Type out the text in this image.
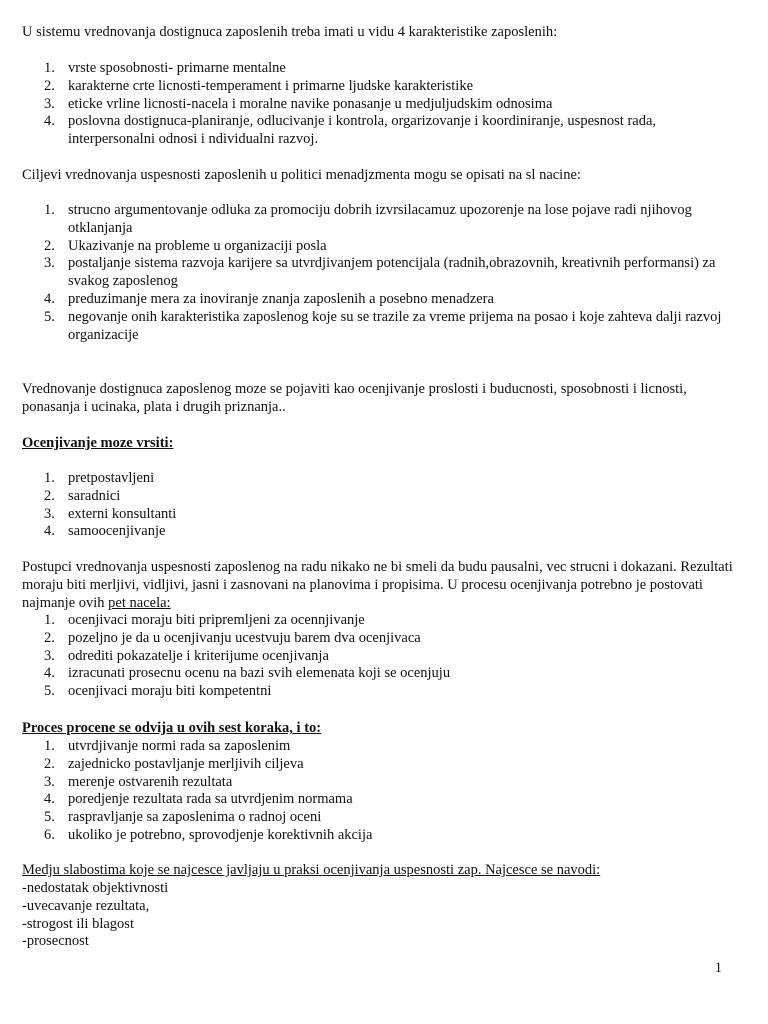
U sistemu vrednovanja dostignuca zaposlenih treba imati u vidu 4 karakteristike zaposlenih:

1. vrste sposobnosti- primarne mentalne
2. karakterne crte licnosti-temperament i primarne ljudske karakteristike
3. eticke vrline licnosti-nacela i moralne navike ponasanje u medjuljudskim odnosima
4. poslovna dostignuca-planiranje, odlucivanje i kontrola, orgarizovanje i koordiniranje, uspesnost rada, interpersonalni odnosi i ndividualni razvoj.

Ciljevi vrednovanja uspesnosti zaposlenih u politici menadjzmenta mogu se opisati na sl nacine:

1. strucno argumentovanje odluka za promociju dobrih izvrsilacamuz upozorenje na lose pojave radi njihovog otklanjanja
2. Ukazivanje na probleme u organizaciji posla
3. postaljanje sistema razvoja karijere sa utvrdjivanjem potencijala (radnih,obrazovnih, kreativnih performansi) za svakog zaposlenog
4. preduzimanje mera za inoviranje znanja zaposlenih a posebno menadzera
5. negovanje onih karakteristika zaposlenog koje su se trazile za vreme prijema na posao i koje zahteva dalji razvoj organizacije

Vrednovanje dostignuca zaposlenog moze se pojaviti kao ocenjivanje proslosti i buducnosti, sposobnosti i licnosti, ponasanja i ucinaka, plata i drugih priznanja..

Ocenjivanje moze vrsiti:

1. pretpostavljeni
2. saradnici
3. externi konsultanti
4. samoocenjivanje

Postupci vrednovanja uspesnosti zaposlenog na radu nikako ne bi smeli da budu pausalni, vec strucni i dokazani. Rezultati moraju biti merljivi, vidljivi, jasni i zasnovani na planovima i propisima. U procesu ocenjivanja potrebno je postovati najmanje ovih pet nacela:

1. ocenjivaci moraju biti pripremljeni za ocennjivanje
2. pozeljno je da u ocenjivanju ucestvuju barem dva ocenjivaca
3. odrediti pokazatelje i kriterijume ocenjivanja
4. izracunati prosecnu ocenu na bazi svih elemenata koji se ocenjuju
5. ocenjivaci moraju biti kompetentni

Proces procene se odvija u ovih sest koraka, i to:

1. utvrdjivanje normi rada sa zaposlenim
2. zajednicko postavljanje merljivih ciljeva
3. merenje ostvarenih rezultata
4. poredjenje rezultata rada sa utvrdjenim normama
5. raspravljanje sa zaposlenima o radnoj oceni
6. ukoliko je potrebno, sprovodjenje korektivnih akcija

Medju slabostima koje se najcesce javljaju u praksi ocenjivanja uspesnosti zap. Najcesce se navodi:

-nedostatak objektivnosti
-uvecavanje rezultata,
-strogost ili blagost
-prosecnost
1
